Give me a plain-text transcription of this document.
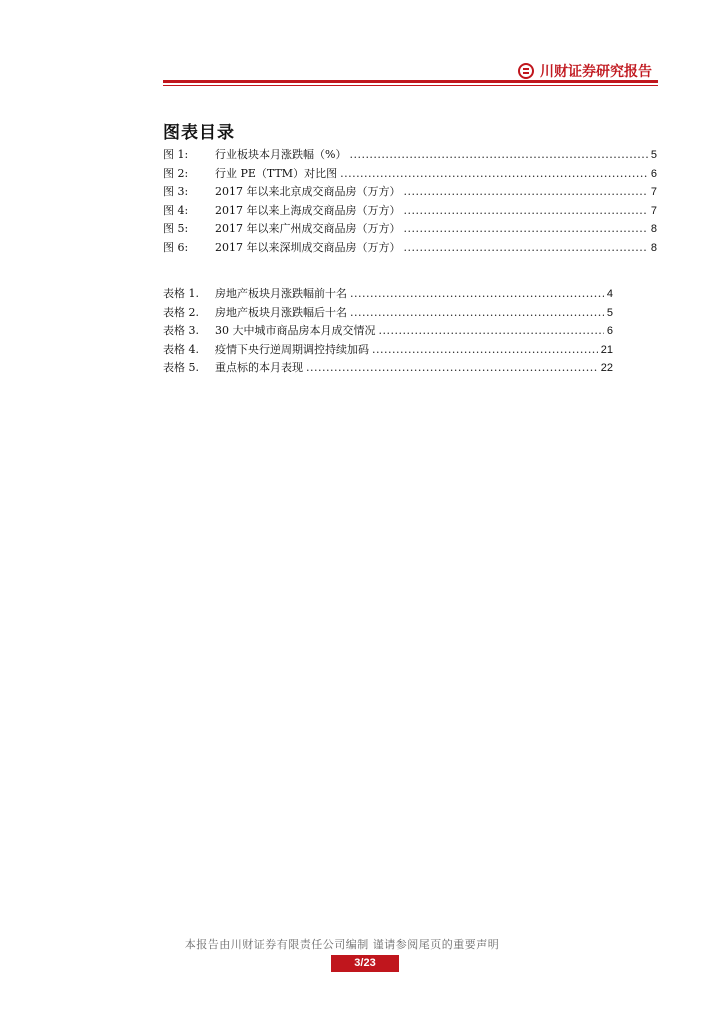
川财证券研究报告
图表目录
图 1:	行业板块本月涨跌幅（%） .....	5
图 2:	行业 PE（TTM）对比图 .....	6
图 3:	2017 年以来北京成交商品房（万方） .....	7
图 4:	2017 年以来上海成交商品房（万方） .....	7
图 5:	2017 年以来广州成交商品房（万方） .....	8
图 6:	2017 年以来深圳成交商品房（万方） .....	8
表格 1.	房地产板块月涨跌幅前十名 .....	4
表格 2.	房地产板块月涨跌幅后十名 .....	5
表格 3.	30 大中城市商品房本月成交情况 .....	6
表格 4.	疫情下央行逆周期调控持续加码 .....	21
表格 5.	重点标的本月表现 .....	22
本报告由川财证券有限责任公司编制 谨请参阅尾页的重要声明
3/23
